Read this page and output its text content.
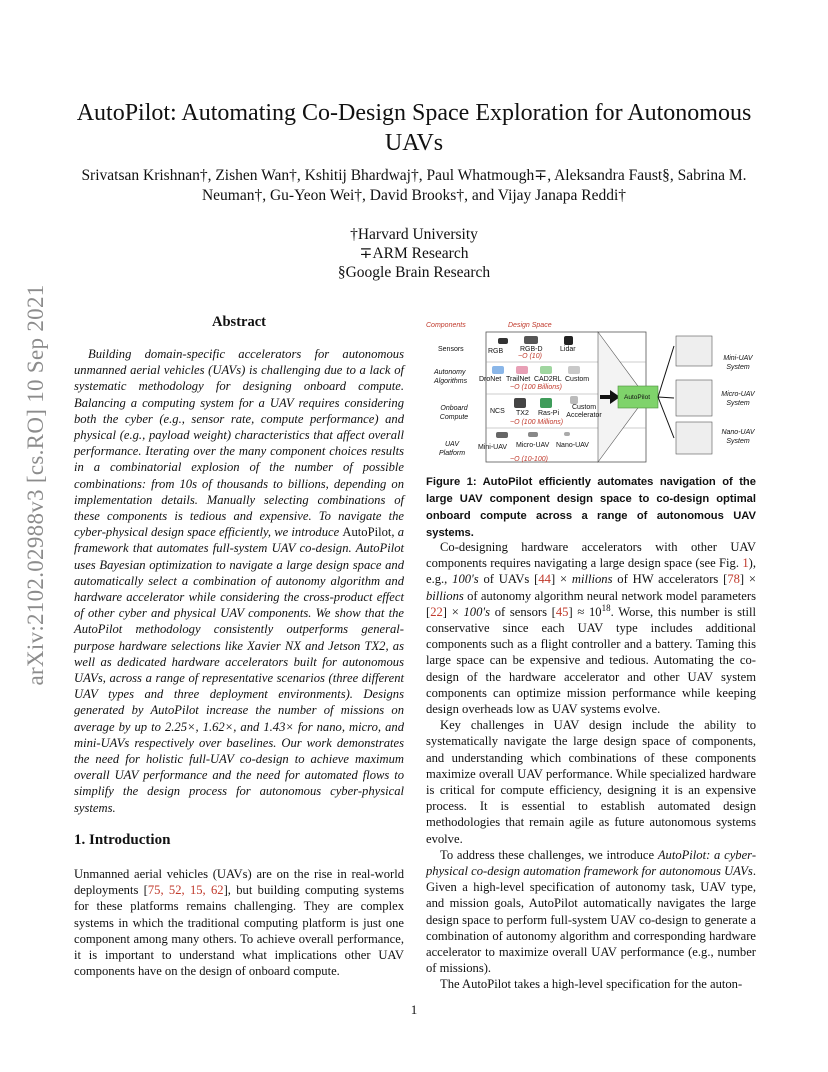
AutoPilot: Automating Co-Design Space Exploration for Autonomous UAVs
Srivatsan Krishnan†, Zishen Wan†, Kshitij Bhardwaj†, Paul Whatmough∓, Aleksandra Faust§, Sabrina M.
Neuman†, Gu-Yeon Wei†, David Brooks†, and Vijay Janapa Reddi†
†Harvard University
∓ARM Research
§Google Brain Research
arXiv:2102.02988v3 [cs.RO] 10 Sep 2021	Abstract

Building domain-specific accelerators for autonomous unmanned aerial vehicles (UAVs) is challenging due to a lack of systematic methodology for designing onboard compute. Balancing a computing system for a UAV requires considering both the cyber (e.g., sensor rate, compute performance) and physical (e.g., payload weight) characteristics that affect overall performance. Iterating over the many component choices results in a combinatorial explosion of the number of possible combinations: from 10s of thousands to billions, depending on implementation details. Manually selecting combinations of these components is tedious and expensive. To navigate the cyber-physical design space efficiently, we introduce AutoPilot, a framework that automates full-system UAV co-design. AutoPilot uses Bayesian optimization to navigate a large design space and automatically select a combination of autonomy algorithm and hardware accelerator while considering the cross-product effect of other cyber and physical UAV components. We show that the AutoPilot methodology consistently outperforms general-purpose hardware selections like Xavier NX and Jetson TX2, as well as dedicated hardware accelerators built for autonomous UAVs, across a range of representative scenarios (three different UAV types and three deployment environments). Designs generated by AutoPilot increase the number of missions on average by up to 2.25×, 1.62×, and 1.43× for nano, micro, and mini-UAVs respectively over baselines. Our work demonstrates the need for holistic full-UAV co-design to achieve maximum overall UAV performance and the need for automated flows to simplify the design process for autonomous cyber-physical systems.

1. Introduction

Unmanned aerial vehicles (UAVs) are on the rise in real-world deployments [75, 52, 15, 62], but building computing systems for these platforms remains challenging. They are complex systems in which the traditional computing platform is just one component among many others. To achieve overall performance, it is important to understand what implications other UAV components have on the design of onboard compute.

Components	Design Space
Sensors	RGB RGB-D Lidar
~O (10)
Autonomy Algorithms	DroNet TrailNet CAD2RL Custom
~O (100 Billions)
Onboard Compute
NCS TX2 Ras-Pi
Custom Accelerator
~O (100 Millions)
UAV Platform
Mini-UAV Micro-UAV Nano-UAV
~O (10-100)
AutoPilot
Mini-UAV System
Micro-UAV System
Nano-UAV System
Figure 1: AutoPilot efficiently automates navigation of the large UAV component design space to co-design optimal onboard compute across a range of autonomous UAV systems.

Co-designing hardware accelerators with other UAV components requires navigating a large design space (see Fig. 1), e.g., 100's of UAVs [44] × millions of HW accelerators [78] × billions of autonomy algorithm neural network model parameters [22] × 100's of sensors $[45] \approx 10^{18}$. Worse, this number is still conservative since each UAV type includes additional components such as a flight controller and a battery. Taming this large space can be expensive and tedious. Automating the co-design of the hardware accelerator and other UAV system components can optimize mission performance while keeping design overheads low as UAV systems evolve.

Key challenges in UAV design include the ability to systematically navigate the large design space of components, and understanding which combinations of these components maximize overall UAV performance. While specialized hardware is critical for compute efficiency, designing it is an expensive process. It is essential to establish automated design methodologies that remain agile as future autonomous systems evolve.

To address these challenges, we introduce AutoPilot: a cyber-physical co-design automation framework for autonomous UAVs. Given a high-level specification of autonomy task, UAV type, and mission goals, AutoPilot automatically navigates the large design space to perform full-system UAV co-design to generate a combination of autonomy algorithm and corresponding hardware accelerator to maximize overall UAV performance (e.g., number of missions).

The AutoPilot takes a high-level specification for the auton-

1
